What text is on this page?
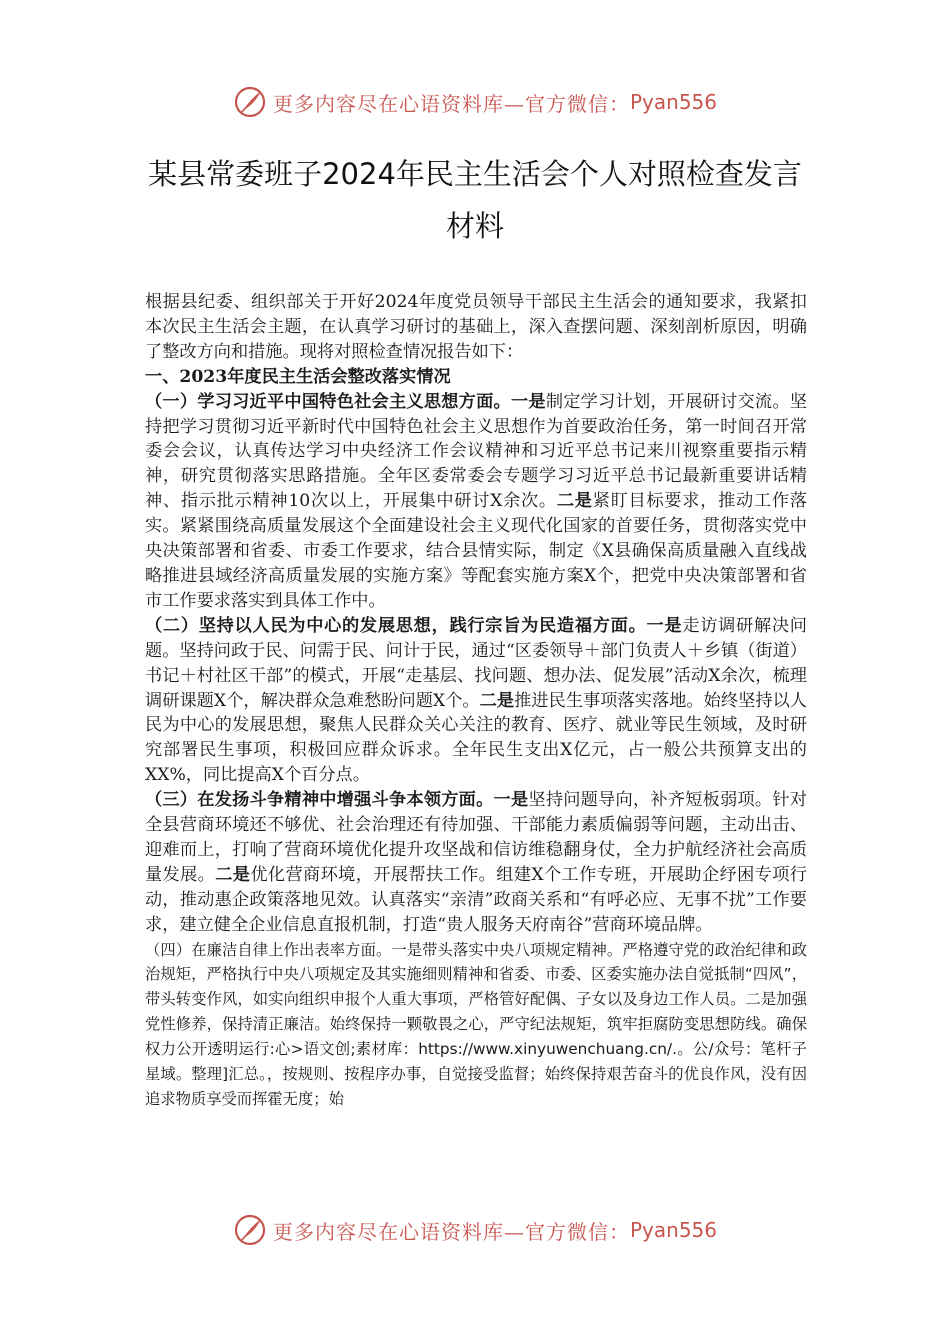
更多内容尽在心语资料库—官方微信： Pyan556
某县常委班子2024年民主生活会个人对照检查发言
材料

根据县纪委、组织部关于开好2024年度党员领导干部民主生活会的通知要求，我紧扣本次民主生活会主题，在认真学习研讨的基础上，深入查摆问题、深刻剖析原因，明确了整改方向和措施。现将对照检查情况报告如下：

一、2023年度民主生活会整改落实情况

（一）学习习近平中国特色社会主义思想方面。一是制定学习计划，开展研讨交流。坚持把学习贯彻习近平新时代中国特色社会主义思想作为首要政治任务，第一时间召开常委会会议，认真传达学习中央经济工作会议精神和习近平总书记来川视察重要指示精神，研究贯彻落实思路措施。全年区委常委会专题学习习近平总书记最新重要讲话精神、指示批示精神10次以上，开展集中研讨X余次。二是紧盯目标要求，推动工作落实。紧紧围绕高质量发展这个全面建设社会主义现代化国家的首要任务，贯彻落实党中央决策部署和省委、市委工作要求，结合县情实际，制定《X县确保高质量融入直线战略推进县域经济高质量发展的实施方案》等配套实施方案X个，把党中央决策部署和省市工作要求落实到具体工作中。

（二）坚持以人民为中心的发展思想，践行宗旨为民造福方面。一是走访调研解决问题。坚持问政于民、问需于民、问计于民，通过“区委领导＋部门负责人＋乡镇（街道）书记＋村社区干部”的模式，开展“走基层、找问题、想办法、促发展”活动X余次，梳理调研课题X个，解决群众急难愁盼问题X个。二是推进民生事项落实落地。始终坚持以人民为中心的发展思想，聚焦人民群众关心关注的教育、医疗、就业等民生领域，及时研究部署民生事项，积极回应群众诉求。全年民生支出X亿元，占一般公共预算支出的XX%，同比提高X个百分点。

（三）在发扬斗争精神中增强斗争本领方面。一是坚持问题导向，补齐短板弱项。针对全县营商环境还不够优、社会治理还有待加强、干部能力素质偏弱等问题，主动出击、迎难而上，打响了营商环境优化提升攻坚战和信访维稳翻身仗，全力护航经济社会高质量发展。二是优化营商环境，开展帮扶工作。组建X个工作专班，开展助企纾困专项行动，推动惠企政策落地见效。认真落实“亲清”政商关系和“有呼必应、无事不扰”工作要求，建立健全企业信息直报机制，打造“贵人服务天府南谷”营商环境品牌。

（四）在廉洁自律上作出表率方面。一是带头落实中央八项规定精神。严格遵守党的政治纪律和政治规矩，严格执行中央八项规定及其实施细则精神和省委、市委、区委实施办法自觉抵制“四风”，带头转变作风，如实向组织申报个人重大事项，严格管好配偶、子女以及身边工作人员。二是加强党性修养，保持清正廉洁。始终保持一颗敬畏之心，严守纪法规矩，筑牢拒腐防变思想防线。确保权力公开透明运行:心>语文创;素材库：https://www.xinyuwenchuang.cn/.。公/众号：笔杆子星域。整理]汇总。，按规则、按程序办事，自觉接受监督；始终保持艰苦奋斗的优良作风，没有因追求物质享受而挥霍无度；始

更多内容尽在心语资料库—官方微信： Pyan556
